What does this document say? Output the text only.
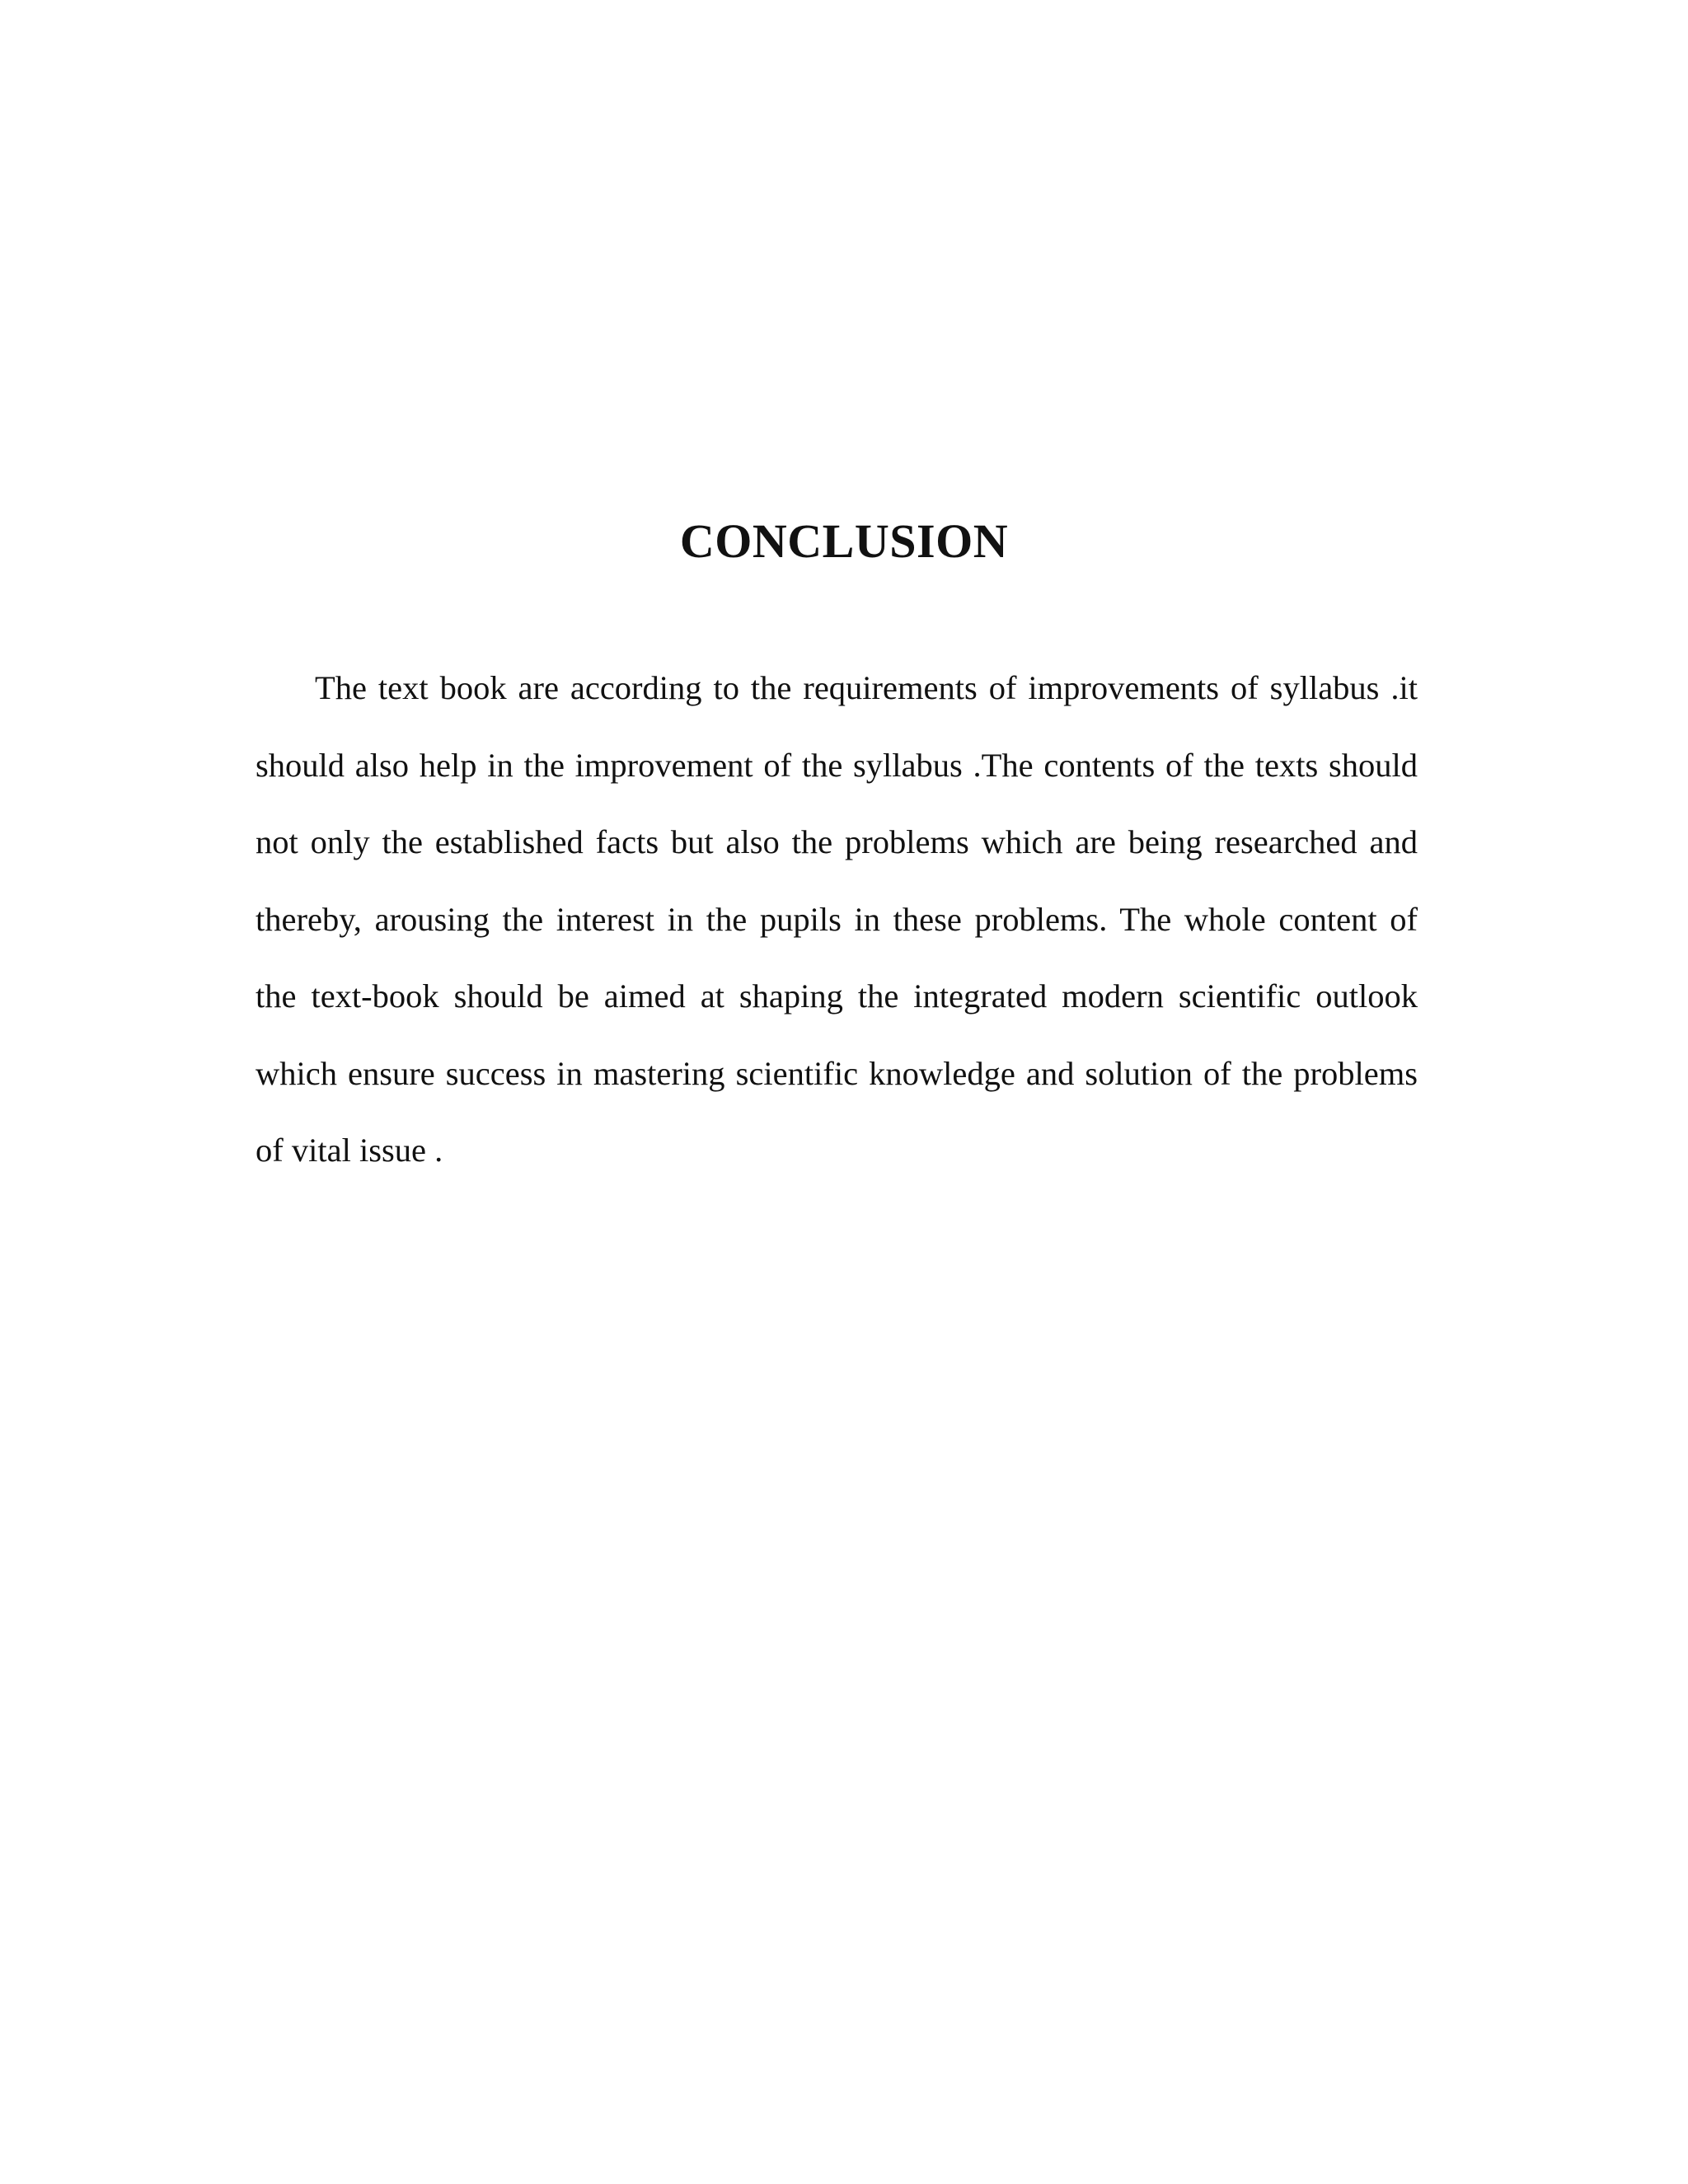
CONCLUSION
The text book are according to the requirements of improvements of syllabus .it
should also help in the improvement of the syllabus .The contents of the texts should
not only the established facts but also the problems which are being researched and
thereby, arousing the interest in the pupils in these problems. The whole content of
the text-book should be aimed at shaping the integrated modern scientific outlook
which ensure success in mastering scientific knowledge and solution of the problems
of vital issue .
